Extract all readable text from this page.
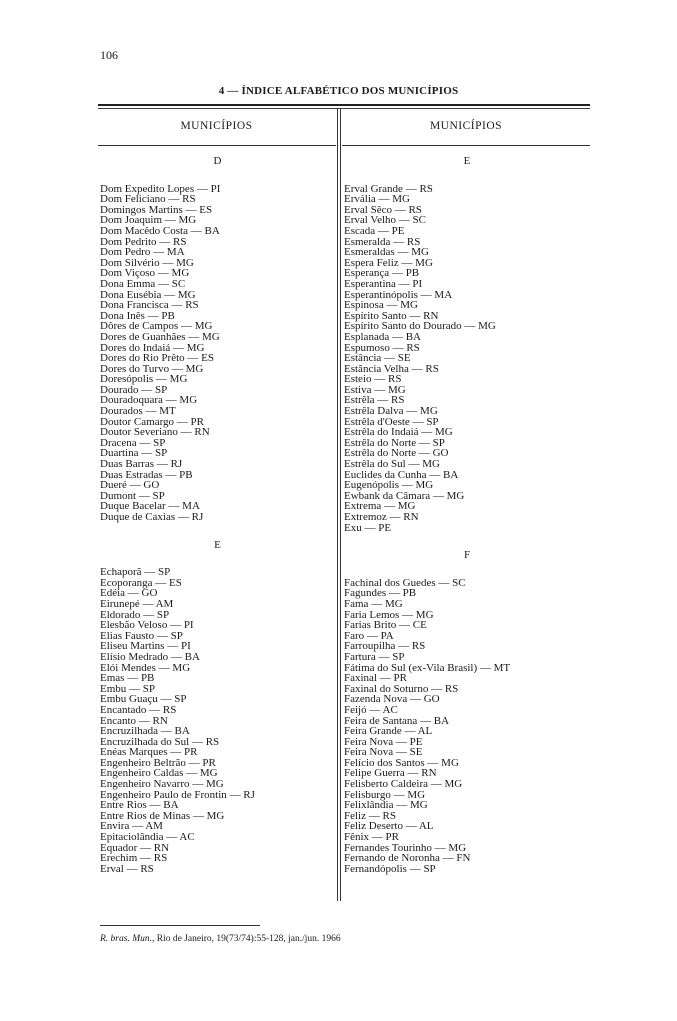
106
4 — ÍNDICE ALFABÉTICO DOS MUNICÍPIOS
MUNICÍPIOS	MUNICÍPIOS
D
Dom Expedito Lopes — PI
Dom Feliciano — RS
Domingos Martins — ES
Dom Joaquim — MG
Dom Macêdo Costa — BA
Dom Pedrito — RS
Dom Pedro — MA
Dom Silvério — MG
Dom Viçoso — MG
Dona Emma — SC
Dona Eusébia — MG
Dona Francisca — RS
Dona Inês — PB
Dôres de Campos — MG
Dores de Guanhães — MG
Dores do Indaiá — MG
Dores do Rio Prêto — ES
Dores do Turvo — MG
Doresópolis — MG
Dourado — SP
Douradoquara — MG
Dourados — MT
Doutor Camargo — PR
Doutor Severiano — RN
Dracena — SP
Duartina — SP
Duas Barras — RJ
Duas Estradas — PB
Dueré — GO
Dumont — SP
Duque Bacelar — MA
Duque de Caxias — RJ
E
Echaporã — SP
Ecoporanga — ES
Edéia — GO
Eirunepé — AM
Eldorado — SP
Elesbão Veloso — PI
Elias Fausto — SP
Eliseu Martins — PI
Elísio Medrado — BA
Elói Mendes — MG
Emas — PB
Embu — SP
Embu Guaçu — SP
Encantado — RS
Encanto — RN
Encruzilhada — BA
Encruzilhada do Sul — RS
Enéas Marques — PR
Engenheiro Beltrão — PR
Engenheiro Caldas — MG
Engenheiro Navarro — MG
Engenheiro Paulo de Frontin — RJ
Entre Rios — BA
Entre Rios de Minas — MG
Envira — AM
Epitaciolândia — AC
Equador — RN
Erechim — RS
Erval — RS
E
Erval Grande — RS
Ervália — MG
Erval Sêco — RS
Erval Velho — SC
Escada — PE
Esmeralda — RS
Esmeraldas — MG
Espera Feliz — MG
Esperança — PB
Esperantina — PI
Esperantinópolis — MA
Espinosa — MG
Espírito Santo — RN
Espírito Santo do Dourado — MG
Esplanada — BA
Espumoso — RS
Estância — SE
Estância Velha — RS
Esteio — RS
Estiva — MG
Estrêla — RS
Estrêla Dalva — MG
Estrêla d'Oeste — SP
Estrêla do Indaiá — MG
Estrêla do Norte — SP
Estrêla do Norte — GO
Estrêla do Sul — MG
Euclides da Cunha — BA
Eugenópolis — MG
Ewbank da Câmara — MG
Extrema — MG
Extremoz — RN
Exu — PE
F
Fachinal dos Guedes — SC
Fagundes — PB
Fama — MG
Faria Lemos — MG
Farias Brito — CE
Faro — PA
Farroupilha — RS
Fartura — SP
Fátima do Sul (ex-Vila Brasil) — MT
Faxinal — PR
Faxinal do Soturno — RS
Fazenda Nova — GO
Feijó — AC
Feira de Santana — BA
Feira Grande — AL
Feira Nova — PE
Feira Nova — SE
Felício dos Santos — MG
Felipe Guerra — RN
Felisberto Caldeira — MG
Felisburgo — MG
Felixlândia — MG
Feliz — RS
Feliz Deserto — AL
Fênix — PR
Fernandes Tourinho — MG
Fernando de Noronha — FN
Fernandópolis — SP
R. bras. Mun., Rio de Janeiro, 19(73/74):55-128, jan./jun. 1966
